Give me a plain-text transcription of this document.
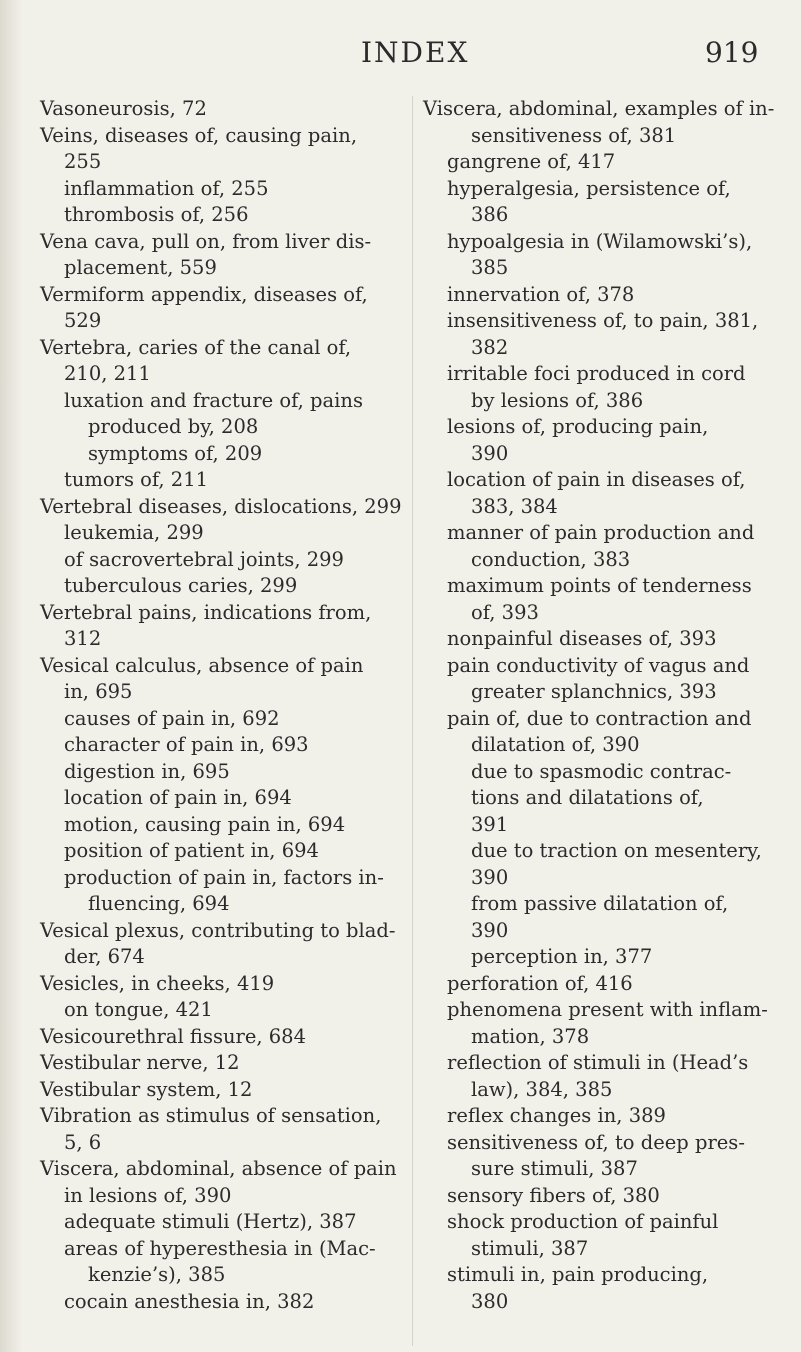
INDEX	919
Vasoneurosis, 72
Veins, diseases of, causing pain,
255
inflammation of, 255
thrombosis of, 256
Vena cava, pull on, from liver dis-
placement, 559
Vermiform appendix, diseases of,
529
Vertebra, caries of the canal of,
210, 211
luxation and fracture of, pains
produced by, 208
symptoms of, 209
tumors of, 211
Vertebral diseases, dislocations, 299
leukemia, 299
of sacrovertebral joints, 299
tuberculous caries, 299
Vertebral pains, indications from,
312
Vesical calculus, absence of pain
in, 695
causes of pain in, 692
character of pain in, 693
digestion in, 695
location of pain in, 694
motion, causing pain in, 694
position of patient in, 694
production of pain in, factors in-
fluencing, 694
Vesical plexus, contributing to blad-
der, 674
Vesicles, in cheeks, 419
on tongue, 421
Vesicourethral fissure, 684
Vestibular nerve, 12
Vestibular system, 12
Vibration as stimulus of sensation,
5, 6
Viscera, abdominal, absence of pain
in lesions of, 390
adequate stimuli (Hertz), 387
areas of hyperesthesia in (Mac-
kenzie’s), 385
cocain anesthesia in, 382
Viscera, abdominal, examples of in-
sensitiveness of, 381
gangrene of, 417
hyperalgesia, persistence of,
386
hypoalgesia in (Wilamowski’s),
385
innervation of, 378
insensitiveness of, to pain, 381,
382
irritable foci produced in cord
by lesions of, 386
lesions of, producing pain,
390
location of pain in diseases of,
383, 384
manner of pain production and
conduction, 383
maximum points of tenderness
of, 393
nonpainful diseases of, 393
pain conductivity of vagus and
greater splanchnics, 393
pain of, due to contraction and
dilatation of, 390
due to spasmodic contrac-
tions and dilatations of,
391
due to traction on mesentery,
390
from passive dilatation of,
390
perception in, 377
perforation of, 416
phenomena present with inflam-
mation, 378
reflection of stimuli in (Head’s
law), 384, 385
reflex changes in, 389
sensitiveness of, to deep pres-
sure stimuli, 387
sensory fibers of, 380
shock production of painful
stimuli, 387
stimuli in, pain producing,
380
